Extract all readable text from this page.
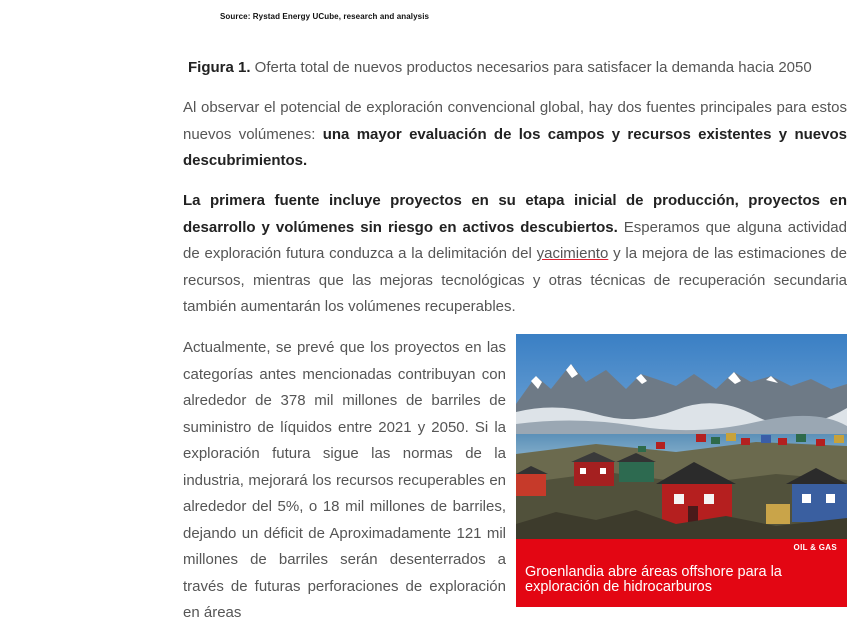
Source: Rystad Energy UCube, research and analysis
Figura 1. Oferta total de nuevos productos necesarios para satisfacer la demanda hacia 2050
Al observar el potencial de exploración convencional global, hay dos fuentes principales para estos nuevos volúmenes: una mayor evaluación de los campos y recursos existentes y nuevos descubrimientos.
La primera fuente incluye proyectos en su etapa inicial de producción, proyectos en desarrollo y volúmenes sin riesgo en activos descubiertos. Esperamos que alguna actividad de exploración futura conduzca a la delimitación del yacimiento y la mejora de las estimaciones de recursos, mientras que las mejoras tecnológicas y otras técnicas de recuperación secundaria también aumentarán los volúmenes recuperables.
Actualmente, se prevé que los proyectos en las categorías antes mencionadas contribuyan con alrededor de 378 mil millones de barriles de suministro de líquidos entre 2021 y 2050. Si la exploración futura sigue las normas de la industria, mejorará los recursos recuperables en alrededor del 5%, o 18 mil millones de barriles, dejando un déficit de Aproximadamente 121 mil millones de barriles serán desenterrados a través de futuras perforaciones de exploración en áreas
OIL & GAS
Groenlandia abre áreas offshore para la exploración de hidrocarburos
